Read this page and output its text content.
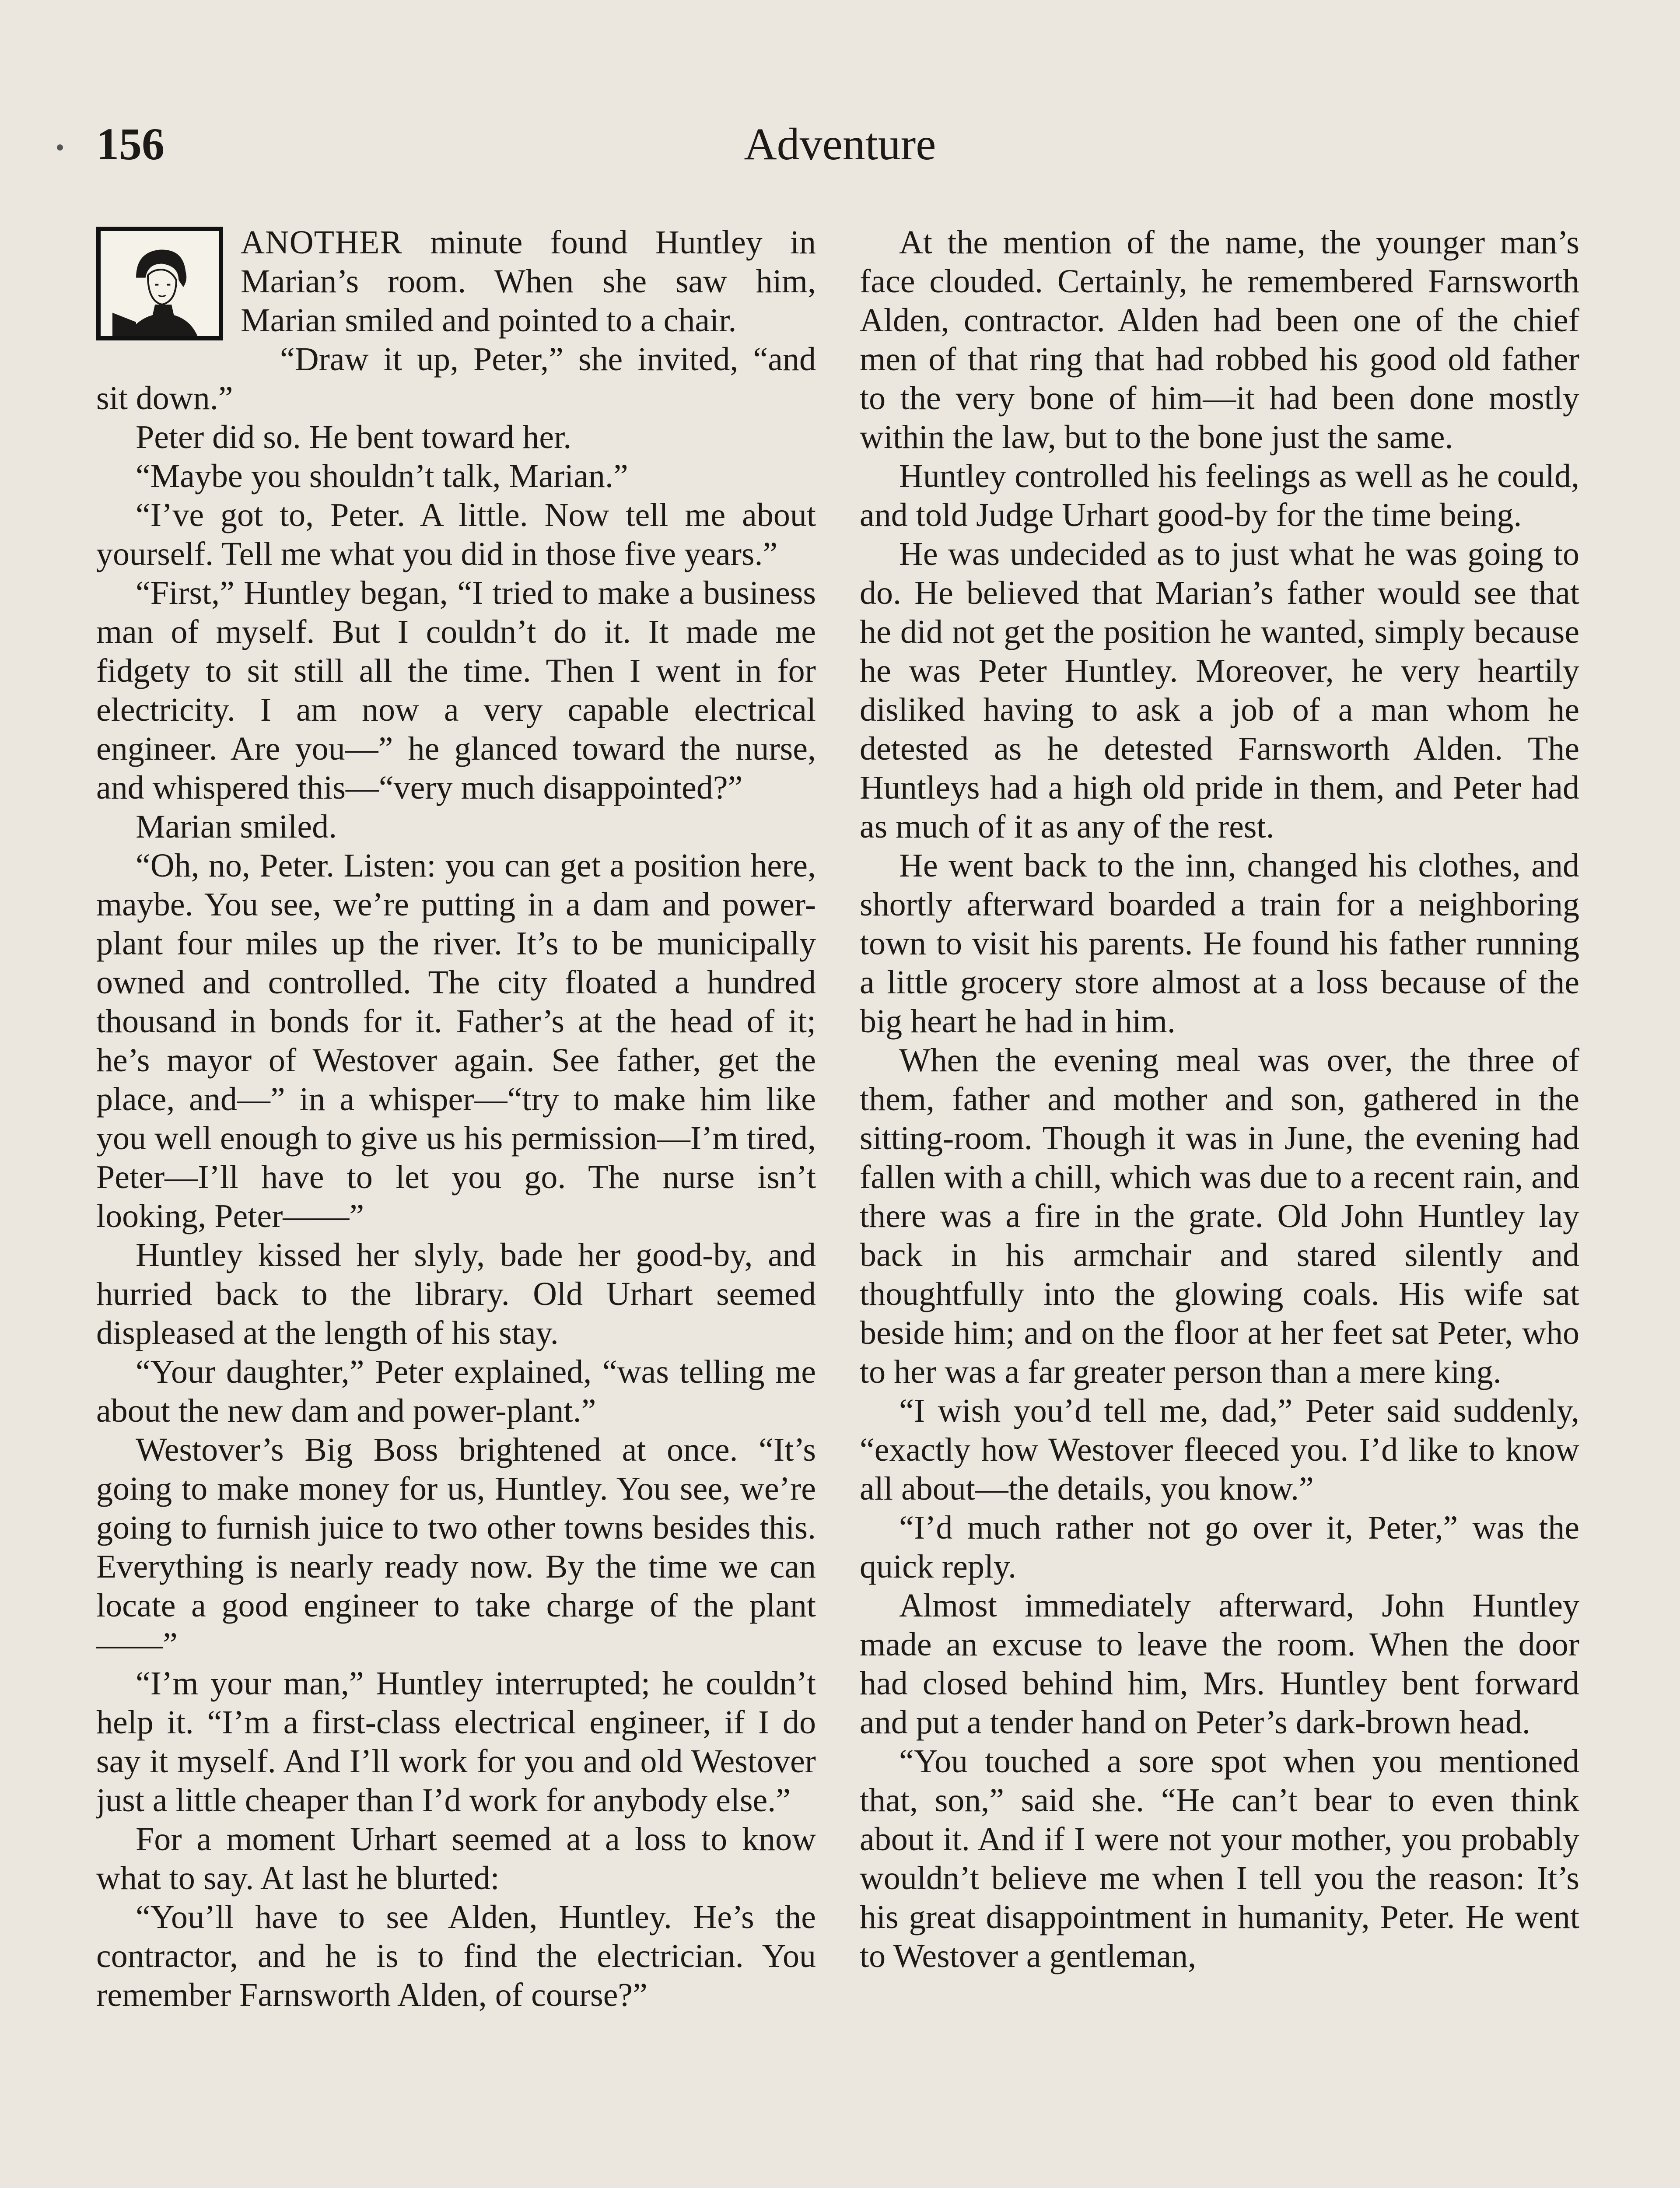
156	Adventure

ANOTHER minute found Huntley in Marian’s room. When she saw him, Marian smiled and pointed to a chair.

“Draw it up, Peter,” she invited, “and sit down.”

Peter did so. He bent toward her.

“Maybe you shouldn’t talk, Marian.”

“I’ve got to, Peter. A little. Now tell me about yourself. Tell me what you did in those five years.”

“First,” Huntley began, “I tried to make a business man of myself. But I couldn’t do it. It made me fidgety to sit still all the time. Then I went in for electricity. I am now a very capable electrical engineer. Are you—” he glanced toward the nurse, and whispered this—“very much disappointed?”

Marian smiled.

“Oh, no, Peter. Listen: you can get a position here, maybe. You see, we’re putting in a dam and power-plant four miles up the river. It’s to be municipally owned and controlled. The city floated a hundred thousand in bonds for it. Father’s at the head of it; he’s mayor of Westover again. See father, get the place, and—” in a whisper—“try to make him like you well enough to give us his permission—I’m tired, Peter—I’ll have to let you go. The nurse isn’t looking, Peter——”

Huntley kissed her slyly, bade her good-by, and hurried back to the library. Old Urhart seemed displeased at the length of his stay.

“Your daughter,” Peter explained, “was telling me about the new dam and power-plant.”

Westover’s Big Boss brightened at once. “It’s going to make money for us, Huntley. You see, we’re going to furnish juice to two other towns besides this. Everything is nearly ready now. By the time we can locate a good engineer to take charge of the plant——”

“I’m your man,” Huntley interrupted; he couldn’t help it. “I’m a first-class electrical engineer, if I do say it myself. And I’ll work for you and old Westover just a little cheaper than I’d work for anybody else.”

For a moment Urhart seemed at a loss to know what to say. At last he blurted:

“You’ll have to see Alden, Huntley. He’s the contractor, and he is to find the electrician. You remember Farnsworth Alden, of course?”

At the mention of the name, the younger man’s face clouded. Certainly, he remembered Farnsworth Alden, contractor. Alden had been one of the chief men of that ring that had robbed his good old father to the very bone of him—it had been done mostly within the law, but to the bone just the same.

Huntley controlled his feelings as well as he could, and told Judge Urhart good-by for the time being.

He was undecided as to just what he was going to do. He believed that Marian’s father would see that he did not get the position he wanted, simply because he was Peter Huntley. Moreover, he very heartily disliked having to ask a job of a man whom he detested as he detested Farnsworth Alden. The Huntleys had a high old pride in them, and Peter had as much of it as any of the rest.

He went back to the inn, changed his clothes, and shortly afterward boarded a train for a neighboring town to visit his parents. He found his father running a little grocery store almost at a loss because of the big heart he had in him.

When the evening meal was over, the three of them, father and mother and son, gathered in the sitting-room. Though it was in June, the evening had fallen with a chill, which was due to a recent rain, and there was a fire in the grate. Old John Huntley lay back in his armchair and stared silently and thoughtfully into the glowing coals. His wife sat beside him; and on the floor at her feet sat Peter, who to her was a far greater person than a mere king.

“I wish you’d tell me, dad,” Peter said suddenly, “exactly how Westover fleeced you. I’d like to know all about—the details, you know.”

“I’d much rather not go over it, Peter,” was the quick reply.

Almost immediately afterward, John Huntley made an excuse to leave the room. When the door had closed behind him, Mrs. Huntley bent forward and put a tender hand on Peter’s dark-brown head.

“You touched a sore spot when you mentioned that, son,” said she. “He can’t bear to even think about it. And if I were not your mother, you probably wouldn’t believe me when I tell you the reason: It’s his great disappointment in humanity, Peter. He went to Westover a gentleman,
